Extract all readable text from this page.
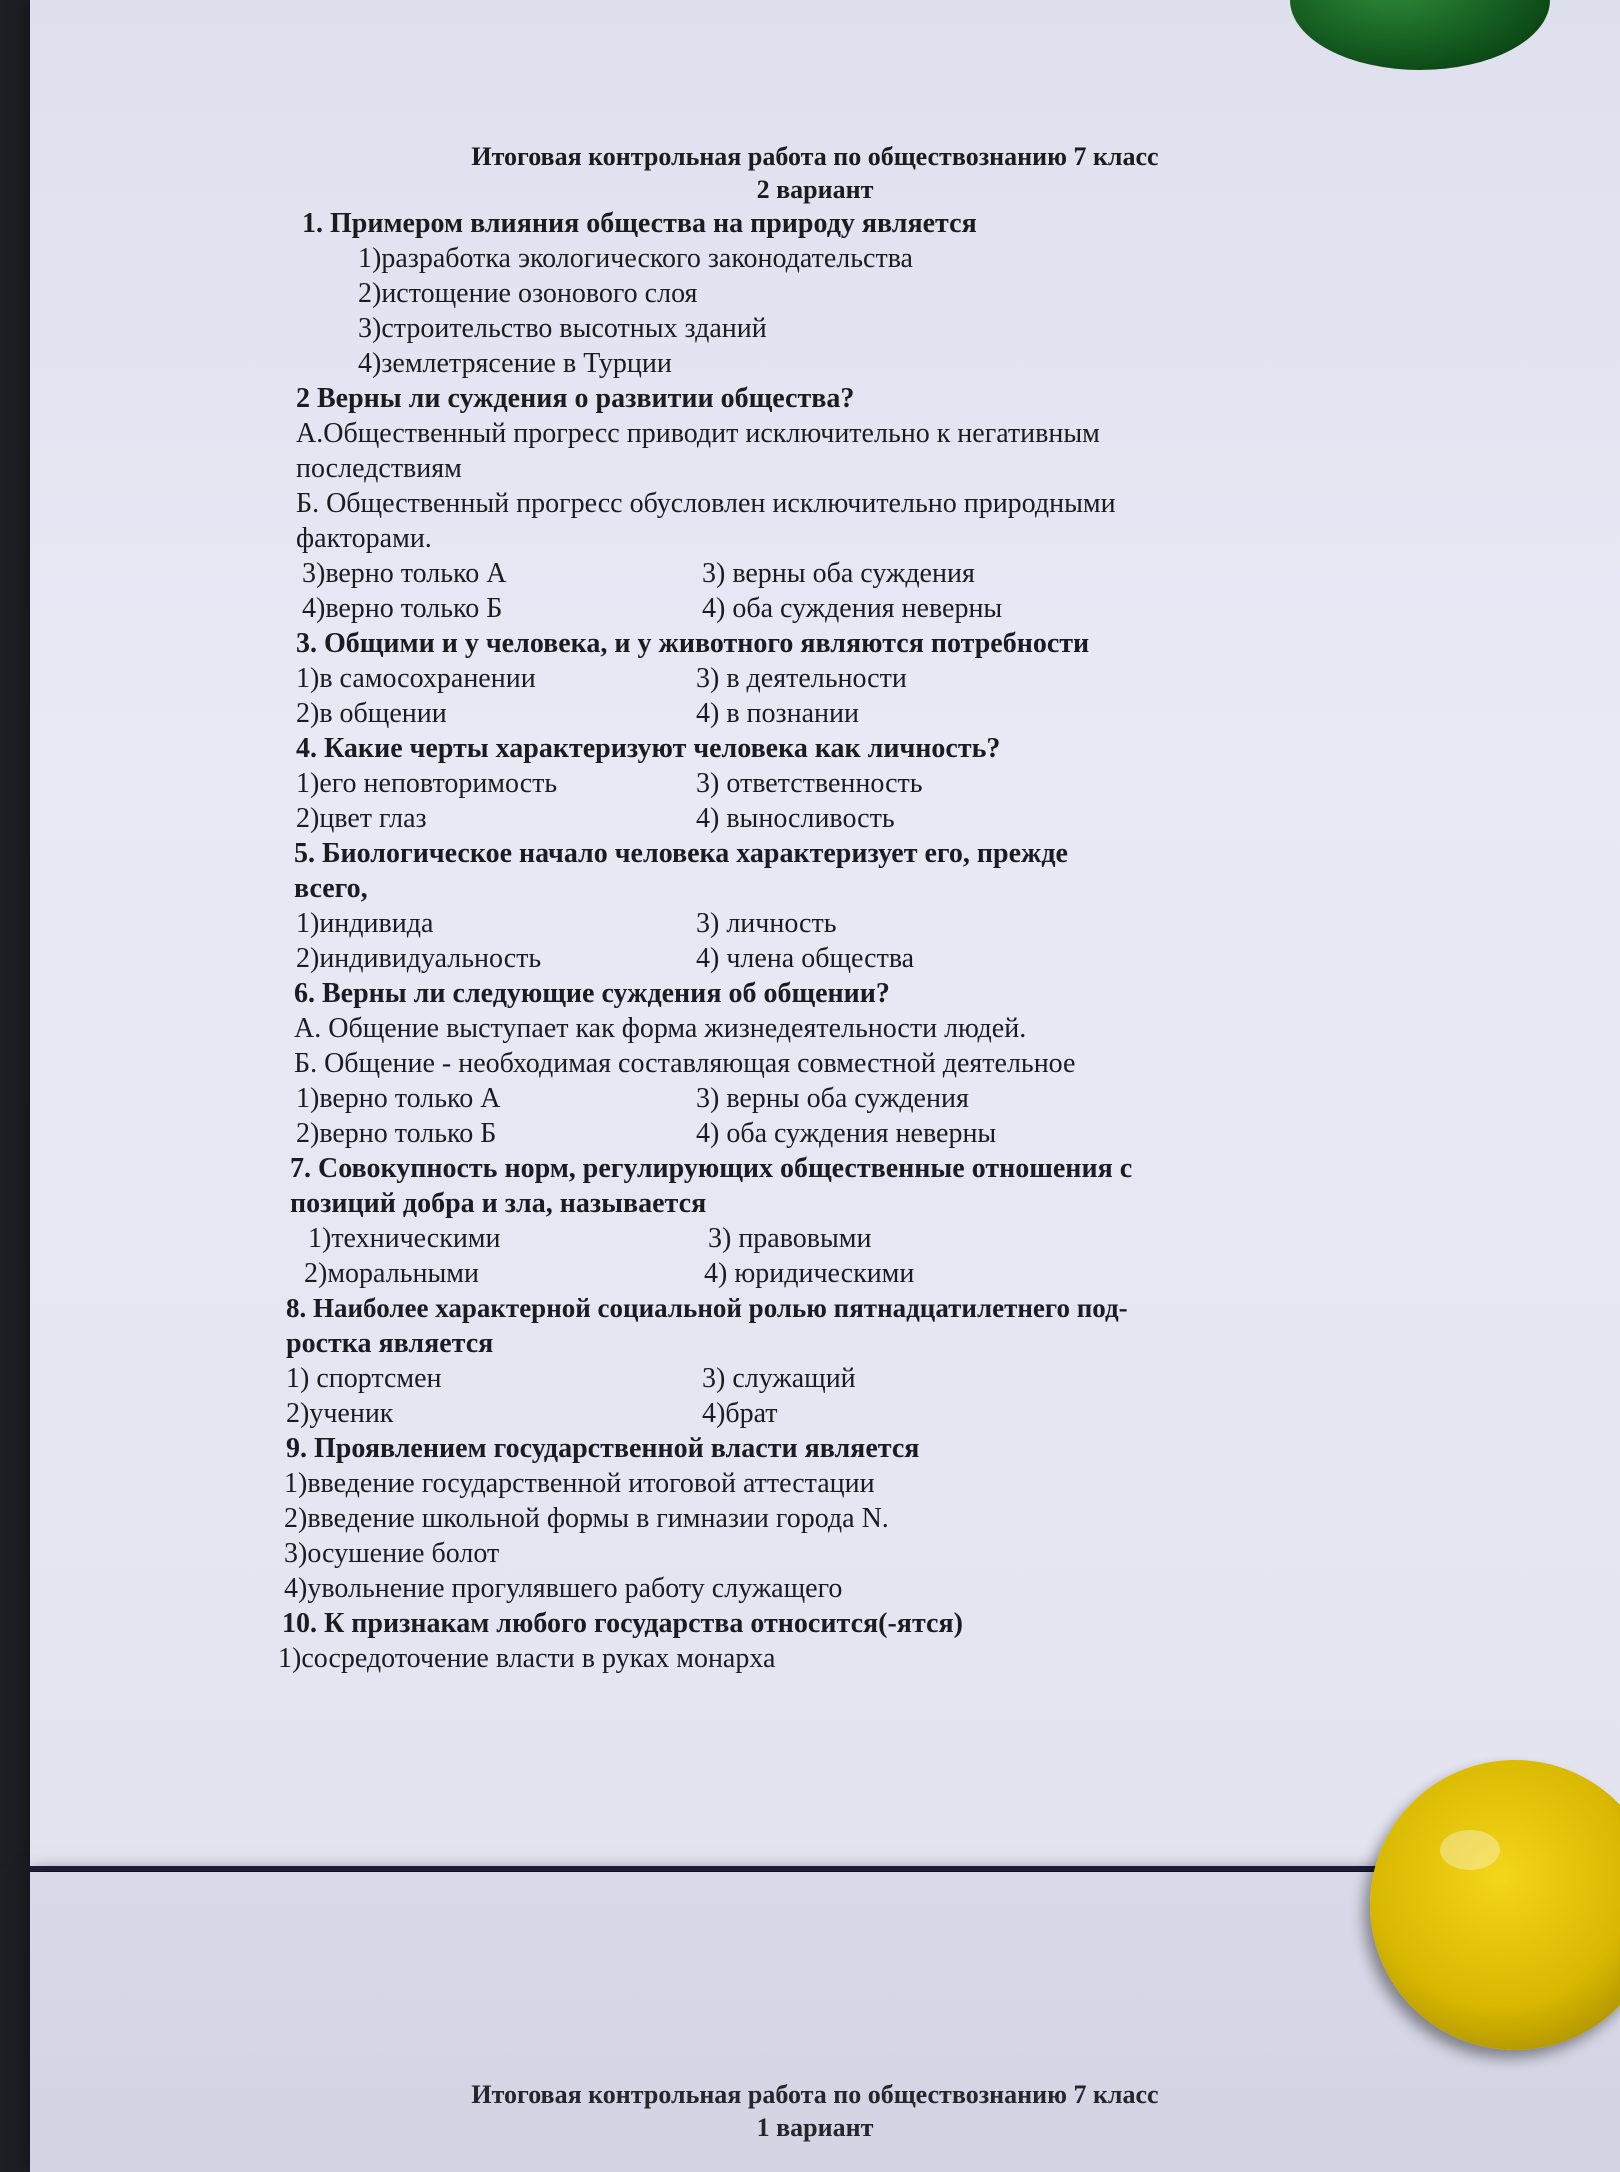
Итоговая контрольная работа по обществознанию 7 класс
2 вариант
1. Примером влияния общества на природу является
1)разработка экологического законодательства
2)истощение озонового слоя
3)строительство высотных зданий
4)землетрясение в Турции
2 Верны ли суждения о развитии общества?
А.Общественный прогресс приводит исключительно к негативным
последствиям
Б. Общественный прогресс обусловлен исключительно природными
факторами.
3)верно только А	3) верны оба суждения
4)верно только Б	4) оба суждения неверны
3. Общими и у человека, и у животного являются потребности
1)в самосохранении	3) в деятельности
2)в общении	4) в познании
4. Какие черты характеризуют человека как личность?
1)его неповторимость	3) ответственность
2)цвет глаз	4) выносливость
5. Биологическое начало человека характеризует его, прежде
всего,
1)индивида	3) личность
2)индивидуальность	4) члена общества
6. Верны ли следующие суждения об общении?
А. Общение выступает как форма жизнедеятельности людей.
Б. Общение - необходимая составляющая совместной деятельное
1)верно только А	3) верны оба суждения
2)верно только Б	4) оба суждения неверны
7. Совокупность норм, регулирующих общественные отношения с
позиций добра и зла, называется
1)техническими	3) правовыми
2)моральными	4) юридическими
8. Наиболее характерной социальной ролью пятнадцатилетнего под-
ростка является
1) спортсмен	3) служащий
2)ученик	4)брат
9. Проявлением государственной власти является
1)введение государственной итоговой аттестации
2)введение школьной формы в гимназии города N.
3)осушение болот
4)увольнение прогулявшего работу служащего
10. К признакам любого государства относится(-ятся)
1)сосредоточение власти в руках монарха
Итоговая контрольная работа по обществознанию 7 класс
1 вариант
